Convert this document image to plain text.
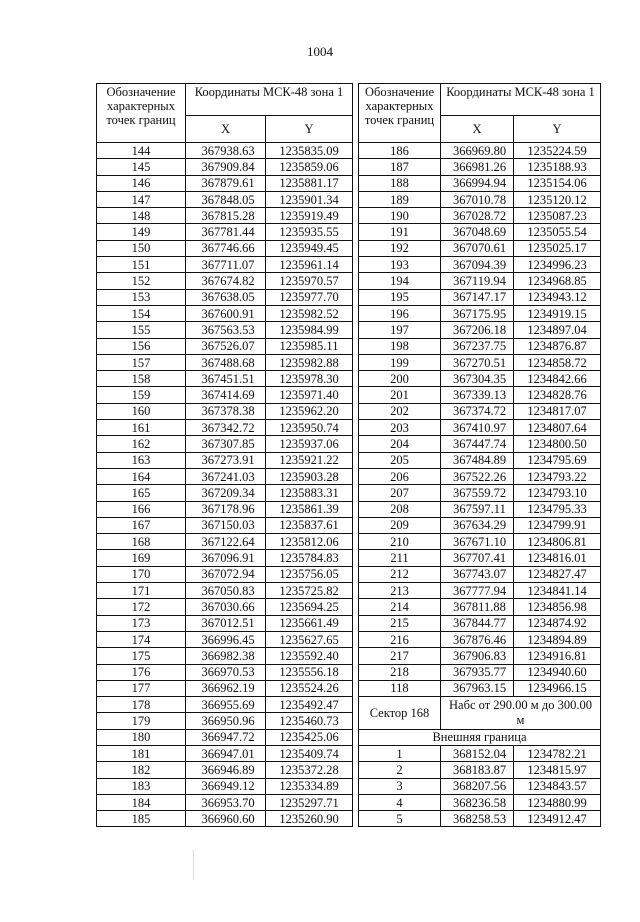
1004
Обозначение характерных точек границ	Координаты МСК-48 зона 1			Обозначение характерных точек границ	Координаты МСК-48 зона 1	
	X	Y			X	Y
144	367938.63	1235835.09		186	366969.80	1235224.59
145	367909.84	1235859.06		187	366981.26	1235188.93
146	367879.61	1235881.17		188	366994.94	1235154.06
147	367848.05	1235901.34		189	367010.78	1235120.12
148	367815.28	1235919.49		190	367028.72	1235087.23
149	367781.44	1235935.55		191	367048.69	1235055.54
150	367746.66	1235949.45		192	367070.61	1235025.17
151	367711.07	1235961.14		193	367094.39	1234996.23
152	367674.82	1235970.57		194	367119.94	1234968.85
153	367638.05	1235977.70		195	367147.17	1234943.12
154	367600.91	1235982.52		196	367175.95	1234919.15
155	367563.53	1235984.99		197	367206.18	1234897.04
156	367526.07	1235985.11		198	367237.75	1234876.87
157	367488.68	1235982.88		199	367270.51	1234858.72
158	367451.51	1235978.30		200	367304.35	1234842.66
159	367414.69	1235971.40		201	367339.13	1234828.76
160	367378.38	1235962.20		202	367374.72	1234817.07
161	367342.72	1235950.74		203	367410.97	1234807.64
162	367307.85	1235937.06		204	367447.74	1234800.50
163	367273.91	1235921.22		205	367484.89	1234795.69
164	367241.03	1235903.28		206	367522.26	1234793.22
165	367209.34	1235883.31		207	367559.72	1234793.10
166	367178.96	1235861.39		208	367597.11	1234795.33
167	367150.03	1235837.61		209	367634.29	1234799.91
168	367122.64	1235812.06		210	367671.10	1234806.81
169	367096.91	1235784.83		211	367707.41	1234816.01
170	367072.94	1235756.05		212	367743.07	1234827.47
171	367050.83	1235725.82		213	367777.94	1234841.14
172	367030.66	1235694.25		214	367811.88	1234856.98
173	367012.51	1235661.49		215	367844.77	1234874.92
174	366996.45	1235627.65		216	367876.46	1234894.89
175	366982.38	1235592.40		217	367906.83	1234916.81
176	366970.53	1235556.18		218	367935.77	1234940.60
177	366962.19	1235524.26		118	367963.15	1234966.15
178	366955.69	1235492.47		Сектор 168	Набс от 290.00 м до 300.00 м	
179	366950.96	1235460.73				
180	366947.72	1235425.06		Внешняя граница		
181	366947.01	1235409.74		1	368152.04	1234782.21
182	366946.89	1235372.28		2	368183.87	1234815.97
183	366949.12	1235334.89		3	368207.56	1234843.57
184	366953.70	1235297.71		4	368236.58	1234880.99
185	366960.60	1235260.90		5	368258.53	1234912.47
